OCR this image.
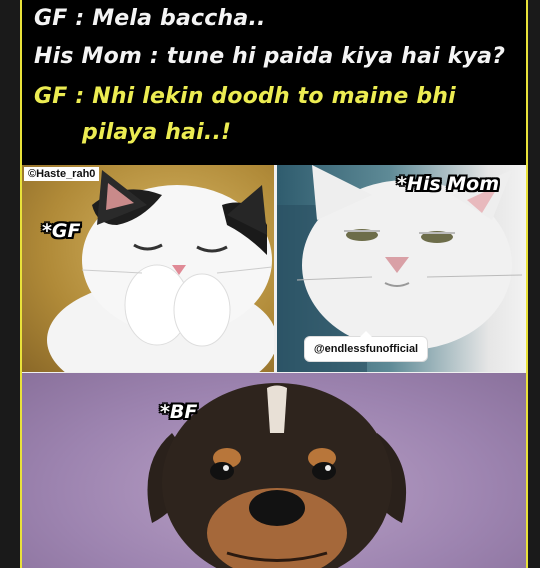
GF : Mela baccha..
His Mom : tune hi paida kiya hai kya?
GF : Nhi lekin doodh to maine bhi
pilaya hai..!
*GF
©Haste_rah0	*His Mom
@endlessfunofficial
*BF
